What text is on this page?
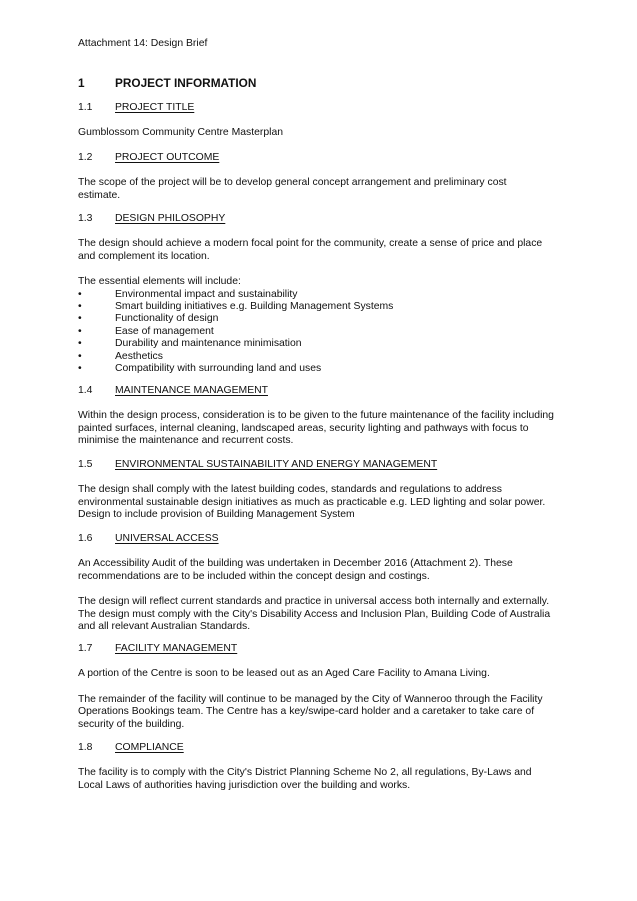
Attachment 14: Design Brief
1	PROJECT INFORMATION
1.1 PROJECT TITLE
Gumblossom Community Centre Masterplan
1.2 PROJECT OUTCOME
The scope of the project will be to develop general concept arrangement and preliminary cost estimate.
1.3 DESIGN PHILOSOPHY
The design should achieve a modern focal point for the community, create a sense of price and place and complement its location.
The essential elements will include:
•	Environmental impact and sustainability
•	Smart building initiatives e.g. Building Management Systems
•	Functionality of design
•	Ease of management
•	Durability and maintenance minimisation
•	Aesthetics
•	Compatibility with surrounding land and uses
1.4 MAINTENANCE MANAGEMENT
Within the design process, consideration is to be given to the future maintenance of the facility including painted surfaces, internal cleaning, landscaped areas, security lighting and pathways with focus to minimise the maintenance and recurrent costs.
1.5 ENVIRONMENTAL SUSTAINABILITY AND ENERGY MANAGEMENT
The design shall comply with the latest building codes, standards and regulations to address environmental sustainable design initiatives as much as practicable e.g. LED lighting and solar power. Design to include provision of Building Management System
1.6 UNIVERSAL ACCESS
An Accessibility Audit of the building was undertaken in December 2016 (Attachment 2). These recommendations are to be included within the concept design and costings.
The design will reflect current standards and practice in universal access both internally and externally. The design must comply with the City's Disability Access and Inclusion Plan, Building Code of Australia and all relevant Australian Standards.
1.7 FACILITY MANAGEMENT
A portion of the Centre is soon to be leased out as an Aged Care Facility to Amana Living.
The remainder of the facility will continue to be managed by the City of Wanneroo through the Facility Operations Bookings team. The Centre has a key/swipe-card holder and a caretaker to take care of security of the building.
1.8 COMPLIANCE
The facility is to comply with the City's District Planning Scheme No 2, all regulations, By-Laws and Local Laws of authorities having jurisdiction over the building and works.
